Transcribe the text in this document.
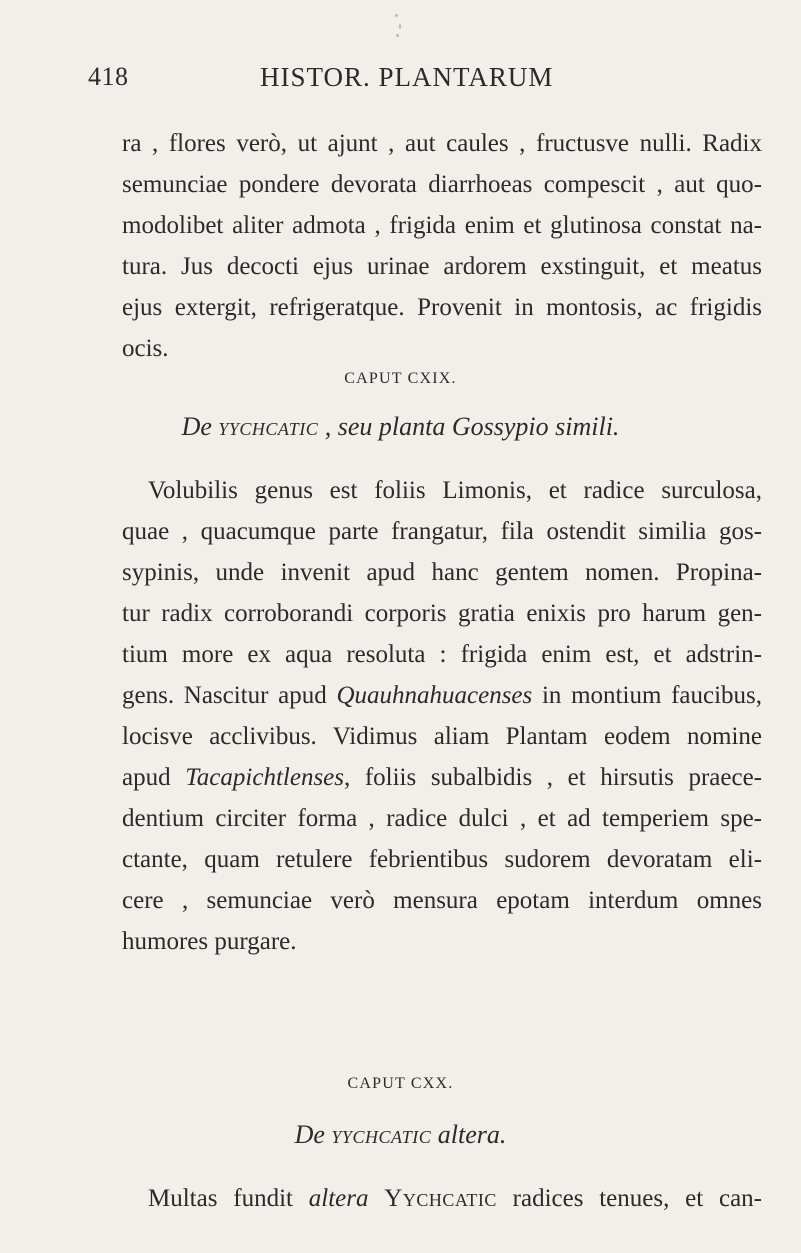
418	HISTOR. PLANTARUM
ra , flores verò, ut ajunt , aut caules , fructusve nulli. Radix
semunciae pondere devorata diarrhoeas compescit , aut quo-
modolibet aliter admota , frigida enim et glutinosa constat na-
tura. Jus decocti ejus urinae ardorem exstinguit, et meatus
ejus extergit, refrigeratque. Provenit in montosis, ac frigidis
ocis.
CAPUT CXIX.
De yychcatic , seu planta Gossypio simili.
Volubilis genus est foliis Limonis, et radice surculosa,
quae , quacumque parte frangatur, fila ostendit similia gos-
sypinis, unde invenit apud hanc gentem nomen. Propina-
tur radix corroborandi corporis gratia enixis pro harum gen-
tium more ex aqua resoluta : frigida enim est, et adstrin-
gens. Nascitur apud Quauhnahuacenses in montium faucibus,
locisve acclivibus. Vidimus aliam Plantam eodem nomine
apud Tacapichtlenses, foliis subalbidis , et hirsutis praece-
dentium circiter forma , radice dulci , et ad temperiem spe-
ctante, quam retulere febrientibus sudorem devoratam eli-
cere , semunciae verò mensura epotam interdum omnes
humores purgare.
CAPUT CXX.
De yychcatic altera.
Multas fundit altera Yychcatic radices tenues, et can-
